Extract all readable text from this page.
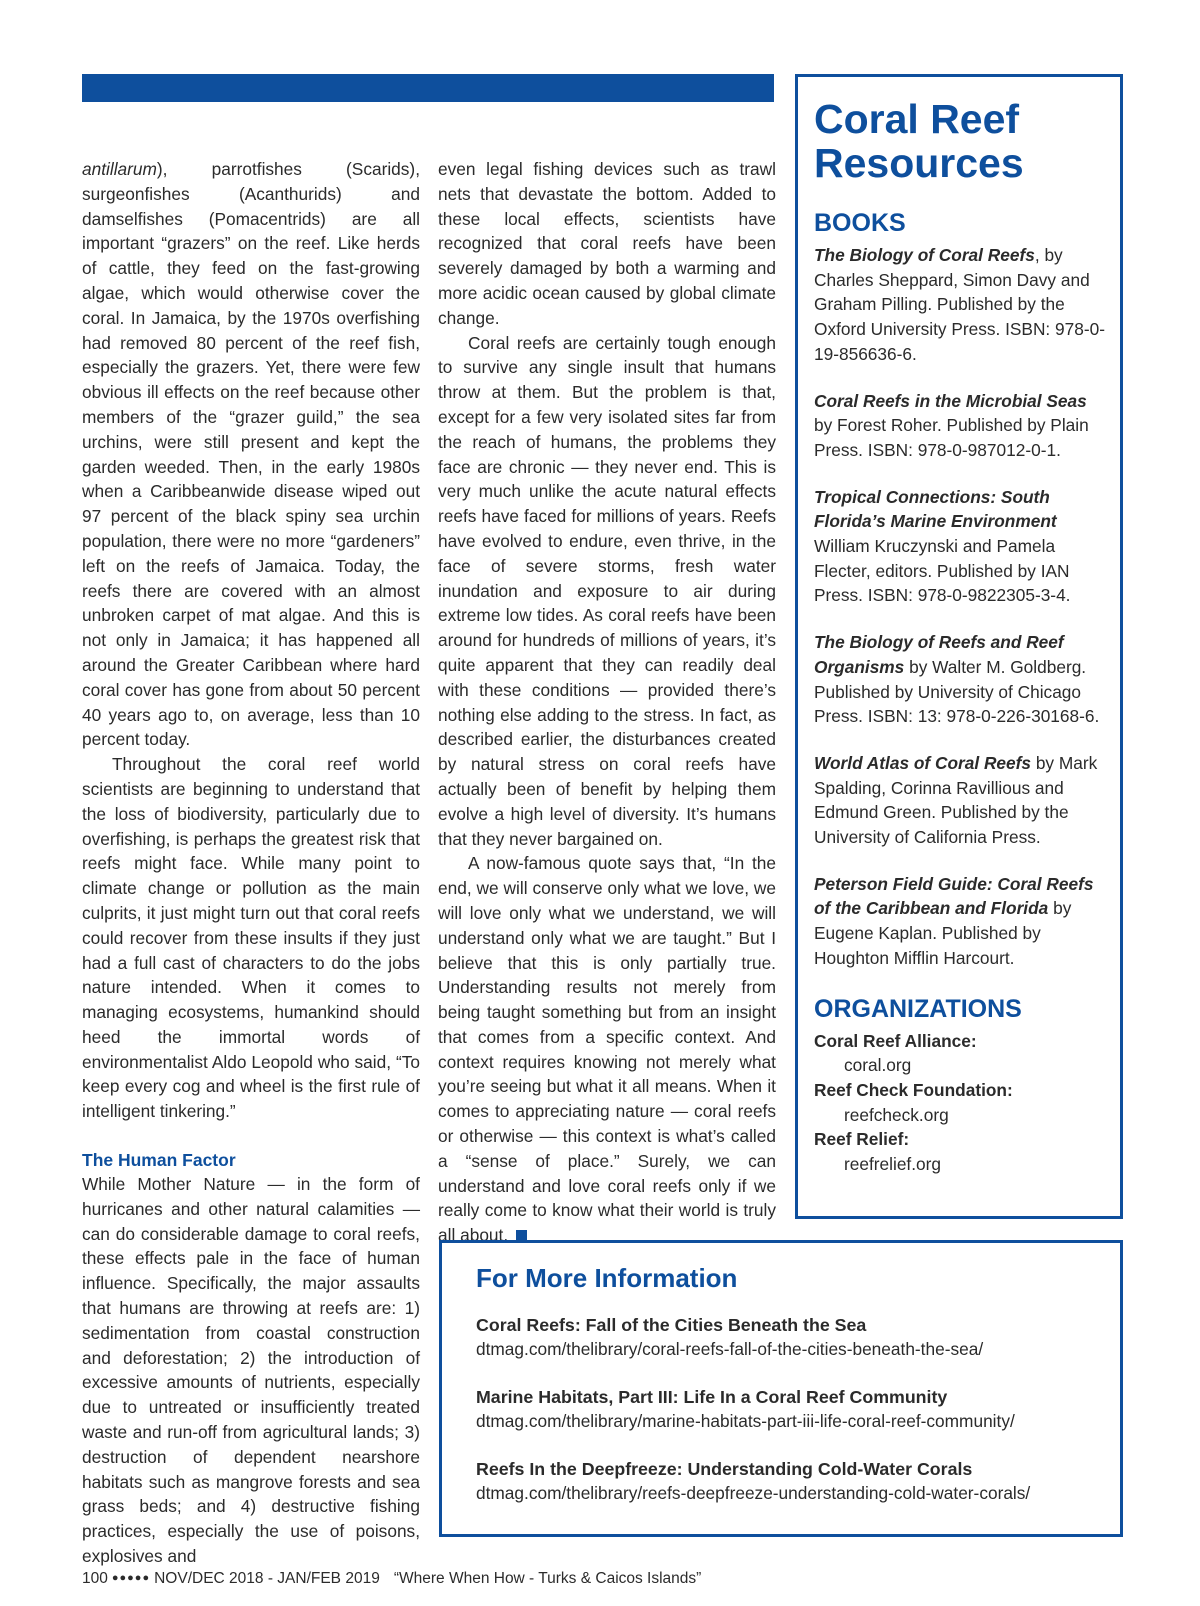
antillarum), parrotfishes (Scarids), surgeonfishes (Acanthurids) and damselfishes (Pomacentrids) are all important “grazers” on the reef. Like herds of cattle, they feed on the fast-growing algae, which would otherwise cover the coral. In Jamaica, by the 1970s overfishing had removed 80 percent of the reef fish, especially the grazers. Yet, there were few obvious ill effects on the reef because other members of the “grazer guild,” the sea urchins, were still present and kept the garden weeded. Then, in the early 1980s when a Caribbeanwide disease wiped out 97 percent of the black spiny sea urchin population, there were no more “gardeners” left on the reefs of Jamaica. Today, the reefs there are covered with an almost unbroken carpet of mat algae. And this is not only in Jamaica; it has happened all around the Greater Caribbean where hard coral cover has gone from about 50 percent 40 years ago to, on average, less than 10 percent today.

Throughout the coral reef world scientists are beginning to understand that the loss of biodiversity, particularly due to overfishing, is perhaps the greatest risk that reefs might face. While many point to climate change or pollution as the main culprits, it just might turn out that coral reefs could recover from these insults if they just had a full cast of characters to do the jobs nature intended. When it comes to managing ecosystems, humankind should heed the immortal words of environmentalist Aldo Leopold who said, “To keep every cog and wheel is the first rule of intelligent tinkering.”

The Human Factor

While Mother Nature — in the form of hurricanes and other natural calamities — can do considerable damage to coral reefs, these effects pale in the face of human influence. Specifically, the major assaults that humans are throwing at reefs are: 1) sedimentation from coastal construction and deforestation; 2) the introduction of excessive amounts of nutrients, especially due to untreated or insufficiently treated waste and run-off from agricultural lands; 3) destruction of dependent nearshore habitats such as mangrove forests and sea grass beds; and 4) destructive fishing practices, especially the use of poisons, explosives and

even legal fishing devices such as trawl nets that devastate the bottom. Added to these local effects, scientists have recognized that coral reefs have been severely damaged by both a warming and more acidic ocean caused by global climate change.

Coral reefs are certainly tough enough to survive any single insult that humans throw at them. But the problem is that, except for a few very isolated sites far from the reach of humans, the problems they face are chronic — they never end. This is very much unlike the acute natural effects reefs have faced for millions of years. Reefs have evolved to endure, even thrive, in the face of severe storms, fresh water inundation and exposure to air during extreme low tides. As coral reefs have been around for hundreds of millions of years, it’s quite apparent that they can readily deal with these conditions — provided there’s nothing else adding to the stress. In fact, as described earlier, the disturbances created by natural stress on coral reefs have actually been of benefit by helping them evolve a high level of diversity. It’s humans that they never bargained on.

A now-famous quote says that, “In the end, we will conserve only what we love, we will love only what we understand, we will understand only what we are taught.” But I believe that this is only partially true. Understanding results not merely from being taught something but from an insight that comes from a specific context. And context requires knowing not merely what you’re seeing but what it all means. When it comes to appreciating nature — coral reefs or otherwise — this context is what’s called a “sense of place.” Surely, we can understand and love coral reefs only if we really come to know what their world is truly all about.

Coral Reef Resources
BOOKS

The Biology of Coral Reefs, by Charles Sheppard, Simon Davy and Graham Pilling. Published by the Oxford University Press. ISBN: 978-0-19-856636-6.

Coral Reefs in the Microbial Seas by Forest Roher. Published by Plain Press. ISBN: 978-0-987012-0-1.

Tropical Connections: South Florida’s Marine Environment William Kruczynski and Pamela Flecter, editors. Published by IAN Press. ISBN: 978-0-9822305-3-4.

The Biology of Reefs and Reef Organisms by Walter M. Goldberg. Published by University of Chicago Press. ISBN: 13: 978-0-226-30168-6.

World Atlas of Coral Reefs by Mark Spalding, Corinna Ravillious and Edmund Green. Published by the University of California Press.

Peterson Field Guide: Coral Reefs of the Caribbean and Florida by Eugene Kaplan. Published by Houghton Mifflin Harcourt.

ORGANIZATIONS
Coral Reef Alliance:
coral.org
Reef Check Foundation:
reefcheck.org
Reef Relief:
reefrelief.org
For More Information
Coral Reefs: Fall of the Cities Beneath the Sea
dtmag.com/thelibrary/coral-reefs-fall-of-the-cities-beneath-the-sea/
Marine Habitats, Part III: Life In a Coral Reef Community
dtmag.com/thelibrary/marine-habitats-part-iii-life-coral-reef-community/
Reefs In the Deepfreeze: Understanding Cold-Water Corals
dtmag.com/thelibrary/reefs-deepfreeze-understanding-cold-water-corals/
100 ●●●●● NOV/DEC 2018 - JAN/FEB 2019 “Where When How - Turks & Caicos Islands”
